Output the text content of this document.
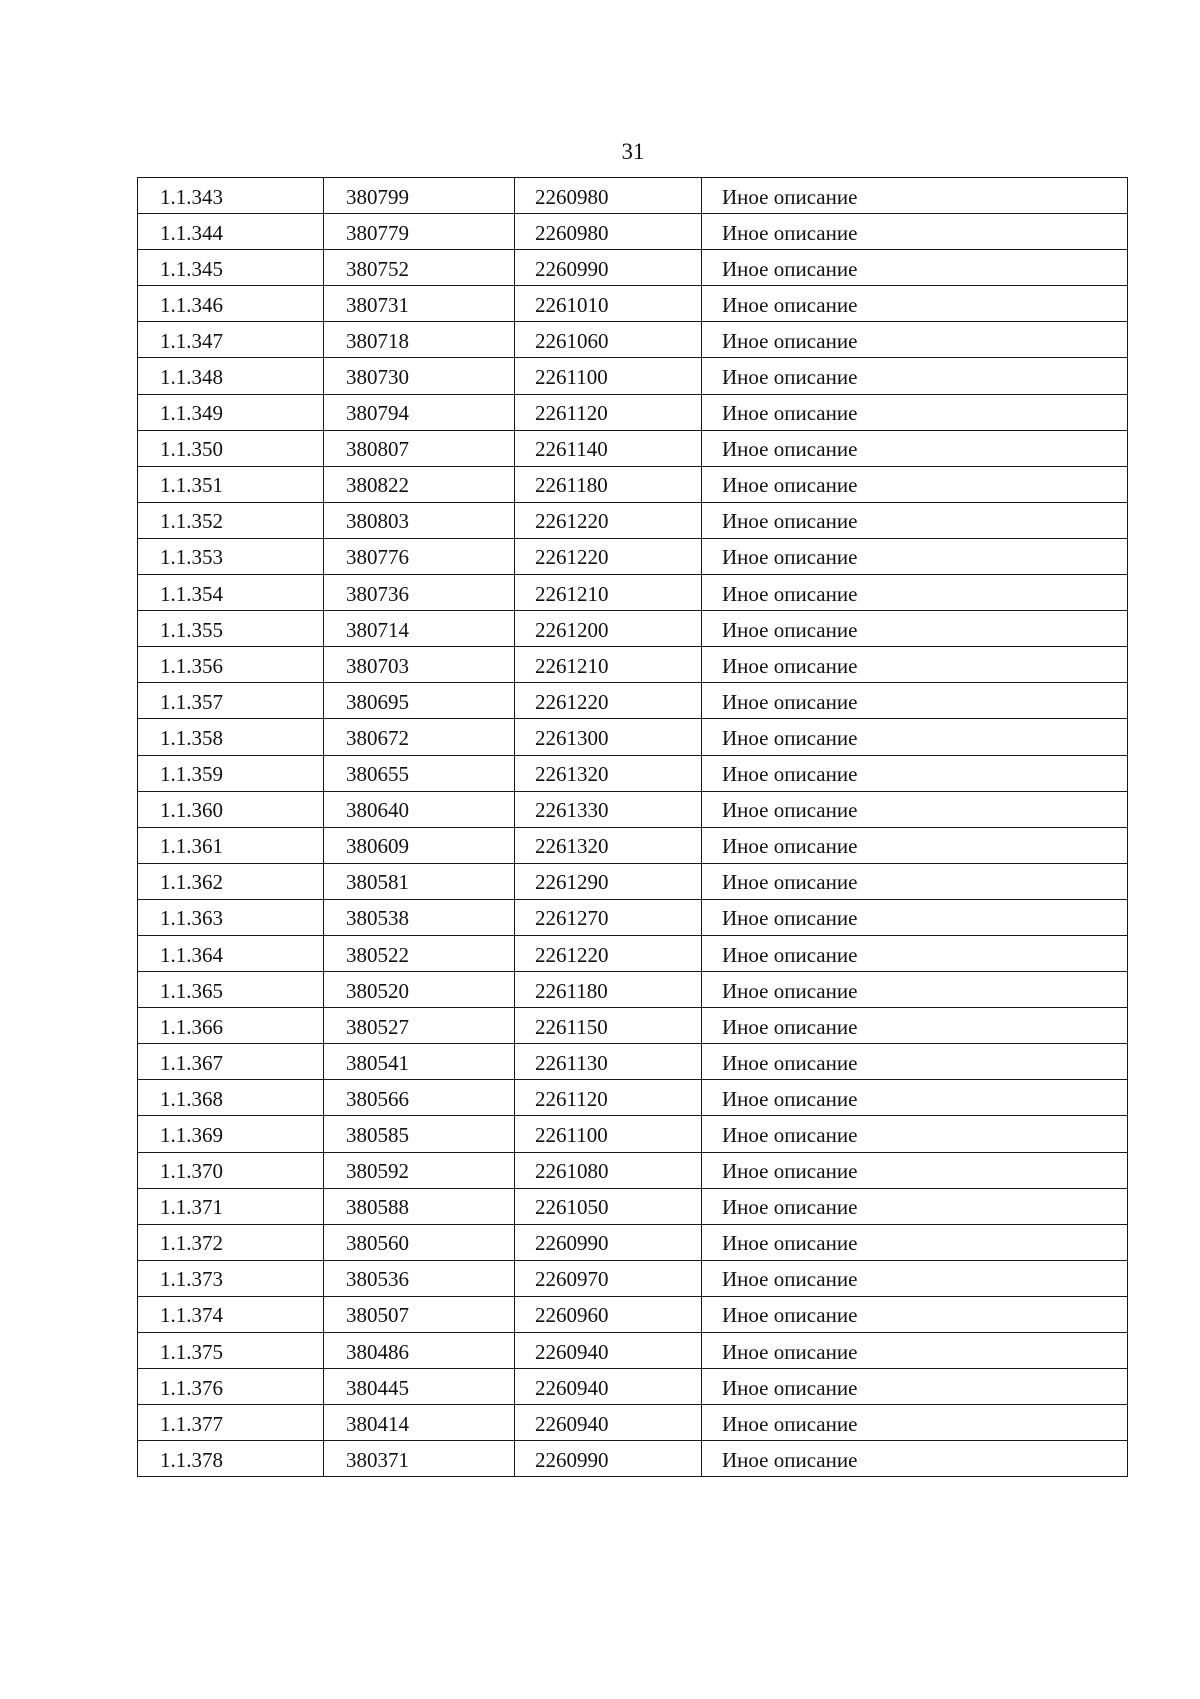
31
1.1.343	380799	2260980	Иное описание
1.1.344	380779	2260980	Иное описание
1.1.345	380752	2260990	Иное описание
1.1.346	380731	2261010	Иное описание
1.1.347	380718	2261060	Иное описание
1.1.348	380730	2261100	Иное описание
1.1.349	380794	2261120	Иное описание
1.1.350	380807	2261140	Иное описание
1.1.351	380822	2261180	Иное описание
1.1.352	380803	2261220	Иное описание
1.1.353	380776	2261220	Иное описание
1.1.354	380736	2261210	Иное описание
1.1.355	380714	2261200	Иное описание
1.1.356	380703	2261210	Иное описание
1.1.357	380695	2261220	Иное описание
1.1.358	380672	2261300	Иное описание
1.1.359	380655	2261320	Иное описание
1.1.360	380640	2261330	Иное описание
1.1.361	380609	2261320	Иное описание
1.1.362	380581	2261290	Иное описание
1.1.363	380538	2261270	Иное описание
1.1.364	380522	2261220	Иное описание
1.1.365	380520	2261180	Иное описание
1.1.366	380527	2261150	Иное описание
1.1.367	380541	2261130	Иное описание
1.1.368	380566	2261120	Иное описание
1.1.369	380585	2261100	Иное описание
1.1.370	380592	2261080	Иное описание
1.1.371	380588	2261050	Иное описание
1.1.372	380560	2260990	Иное описание
1.1.373	380536	2260970	Иное описание
1.1.374	380507	2260960	Иное описание
1.1.375	380486	2260940	Иное описание
1.1.376	380445	2260940	Иное описание
1.1.377	380414	2260940	Иное описание
1.1.378	380371	2260990	Иное описание
